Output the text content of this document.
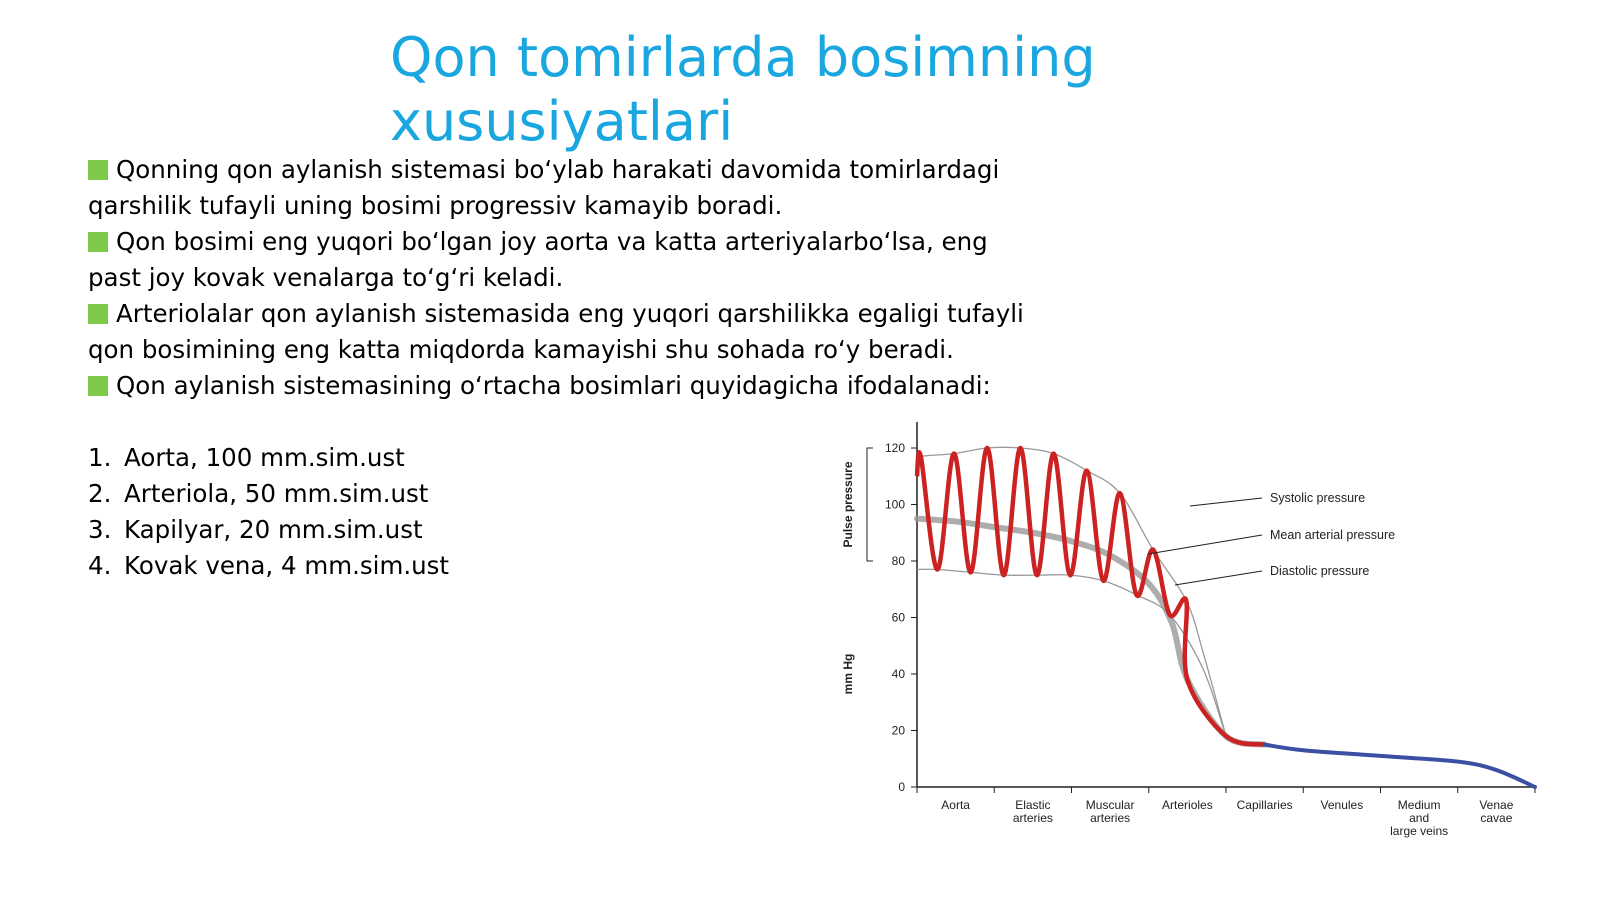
Qon tomirlarda bosimning xususiyatlari

Qonning qon aylanish sistemasi boʻylab harakati davomida tomirlardagi qarshilik tufayli uning bosimi progressiv kamayib boradi.

Qon bosimi eng yuqori boʻlgan joy aorta va katta arteriyalarboʻlsa, eng past joy kovak venalarga toʻgʻri keladi.

Arteriolalar qon aylanish sistemasida eng yuqori qarshilikka egaligi tufayli qon bosimining eng katta miqdorda kamayishi shu sohada roʻy beradi.

Qon aylanish sistemasining oʻrtacha bosimlari quyidagicha ifodalanadi:

1. Aorta, 100 mm.sim.ust
2. Arteriola, 50 mm.sim.ust
3. Kapilyar, 20 mm.sim.ust
4. Kovak vena, 4 mm.sim.ust
0
20
40
60
80
100
120
mm Hg
Pulse pressure
Aorta	Elastic arteries
Muscular arteries
Arterioles Capillaries Venules	Medium and large veins
Venae cavae
Systolic pressure
Mean arterial pressure
Diastolic pressure
